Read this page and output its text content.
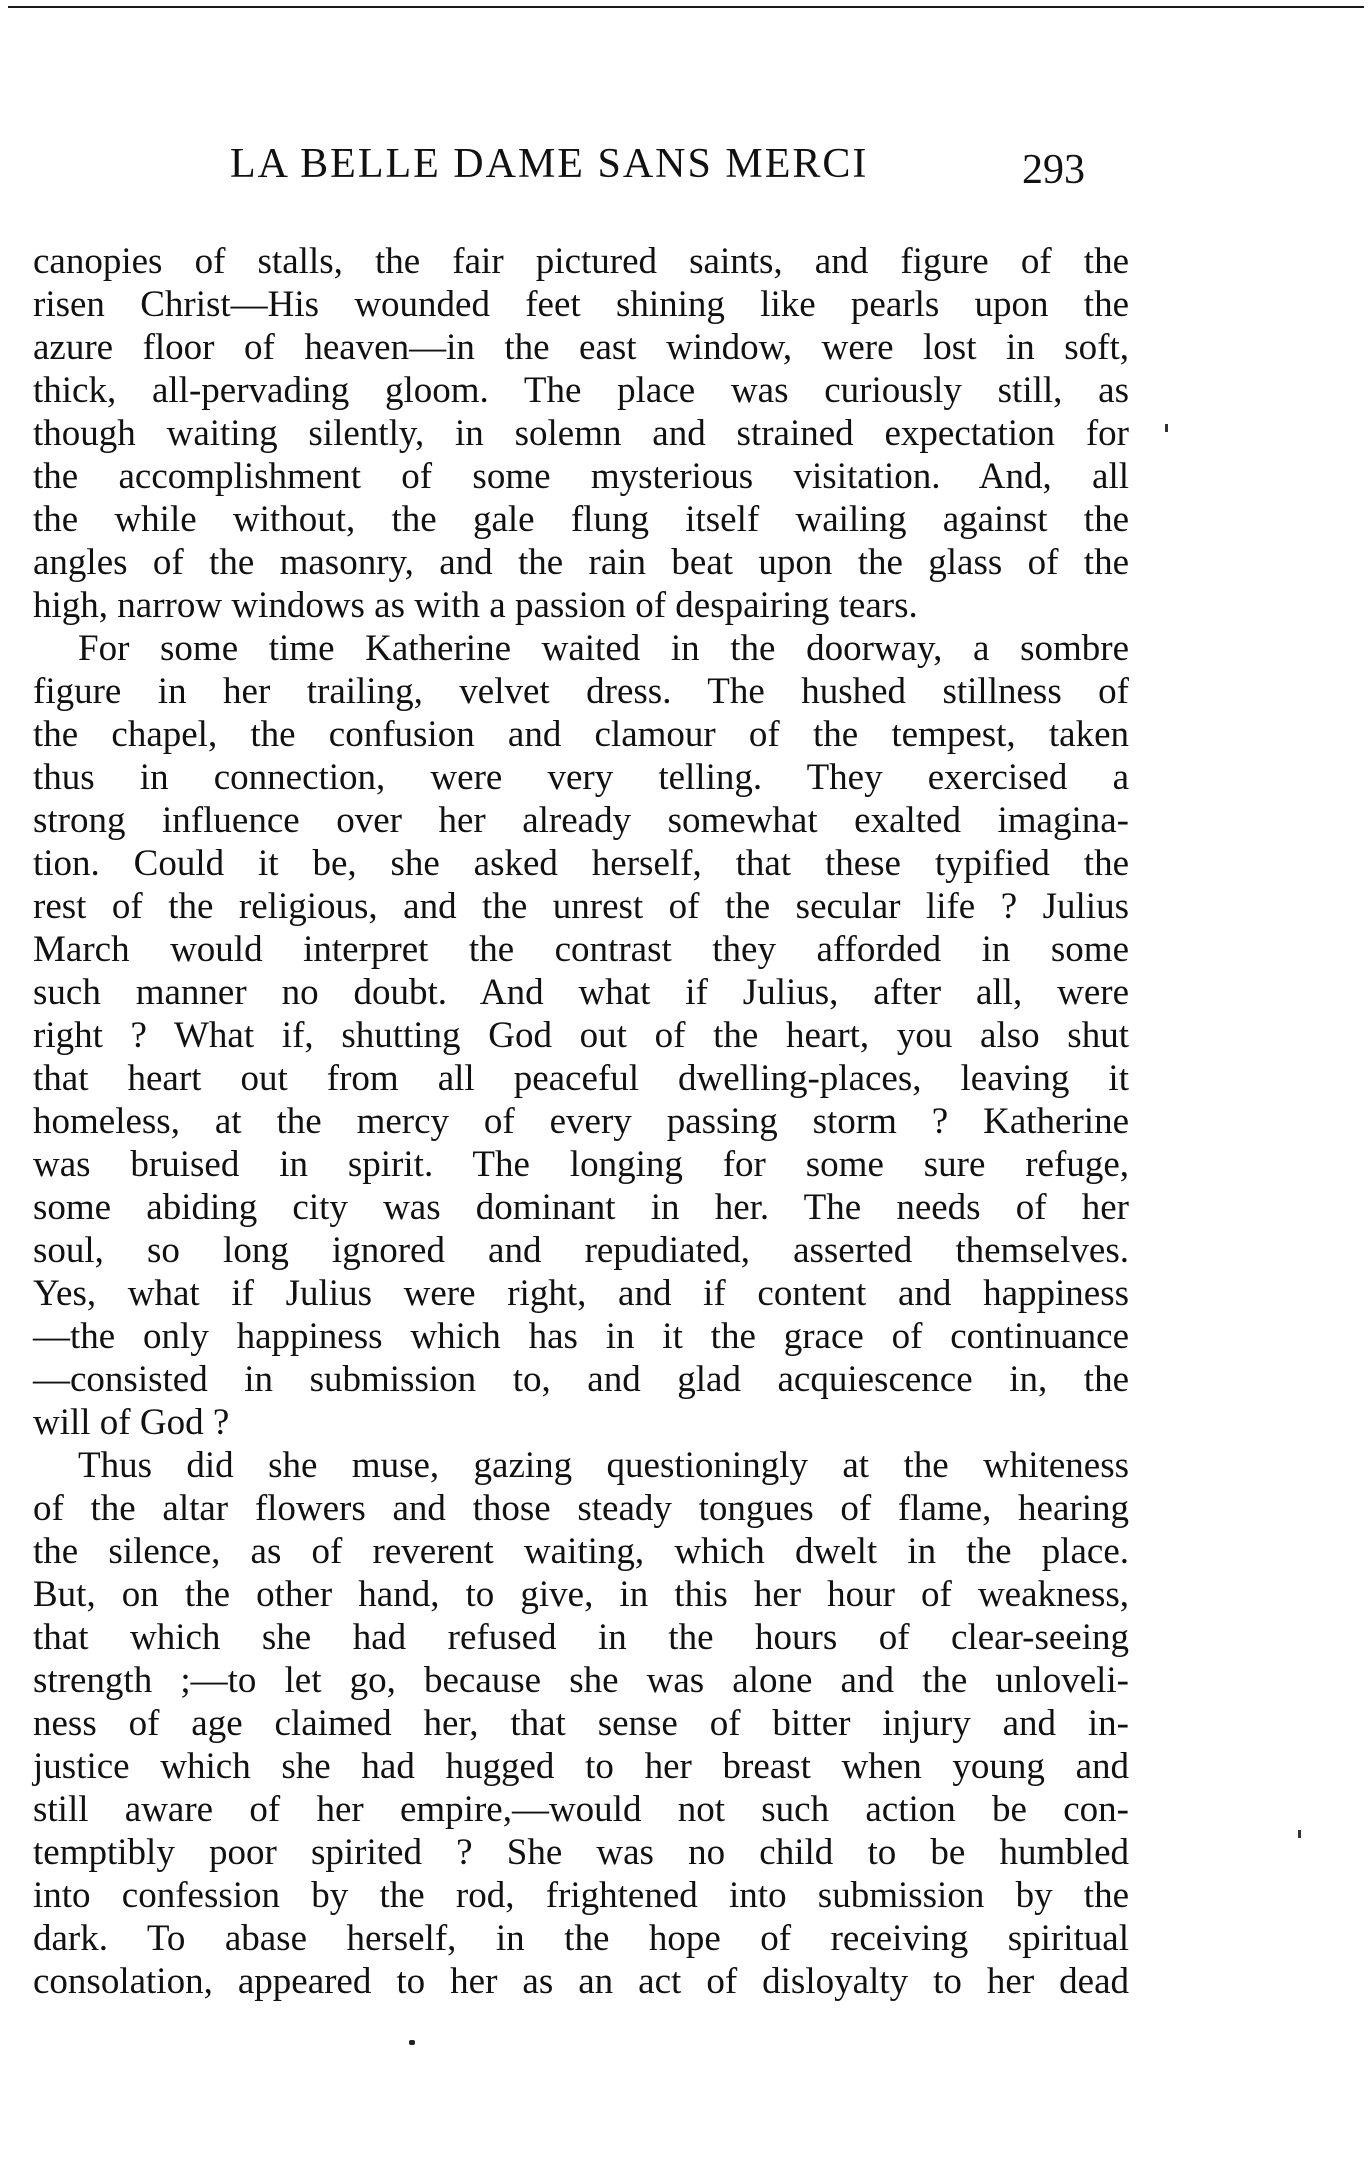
LA BELLE DAME SANS MERCI	293
canopies of stalls, the fair pictured saints, and figure of the
risen Christ—His wounded feet shining like pearls upon the
azure floor of heaven—in the east window, were lost in soft,
thick, all-pervading gloom. The place was curiously still, as
though waiting silently, in solemn and strained expectation for
the accomplishment of some mysterious visitation. And, all
the while without, the gale flung itself wailing against the
angles of the masonry, and the rain beat upon the glass of the
high, narrow windows as with a passion of despairing tears.
For some time Katherine waited in the doorway, a sombre
figure in her trailing, velvet dress. The hushed stillness of
the chapel, the confusion and clamour of the tempest, taken
thus in connection, were very telling. They exercised a
strong influence over her already somewhat exalted imagina-
tion. Could it be, she asked herself, that these typified the
rest of the religious, and the unrest of the secular life ? Julius
March would interpret the contrast they afforded in some
such manner no doubt. And what if Julius, after all, were
right ? What if, shutting God out of the heart, you also shut
that heart out from all peaceful dwelling-places, leaving it
homeless, at the mercy of every passing storm ? Katherine
was bruised in spirit. The longing for some sure refuge,
some abiding city was dominant in her. The needs of her
soul, so long ignored and repudiated, asserted themselves.
Yes, what if Julius were right, and if content and happiness
—the only happiness which has in it the grace of continuance
—consisted in submission to, and glad acquiescence in, the
will of God ?
Thus did she muse, gazing questioningly at the whiteness
of the altar flowers and those steady tongues of flame, hearing
the silence, as of reverent waiting, which dwelt in the place.
But, on the other hand, to give, in this her hour of weakness,
that which she had refused in the hours of clear-seeing
strength ;—to let go, because she was alone and the unloveli-
ness of age claimed her, that sense of bitter injury and in-
justice which she had hugged to her breast when young and
still aware of her empire,—would not such action be con-
temptibly poor spirited ? She was no child to be humbled
into confession by the rod, frightened into submission by the
dark. To abase herself, in the hope of receiving spiritual
consolation, appeared to her as an act of disloyalty to her dead
